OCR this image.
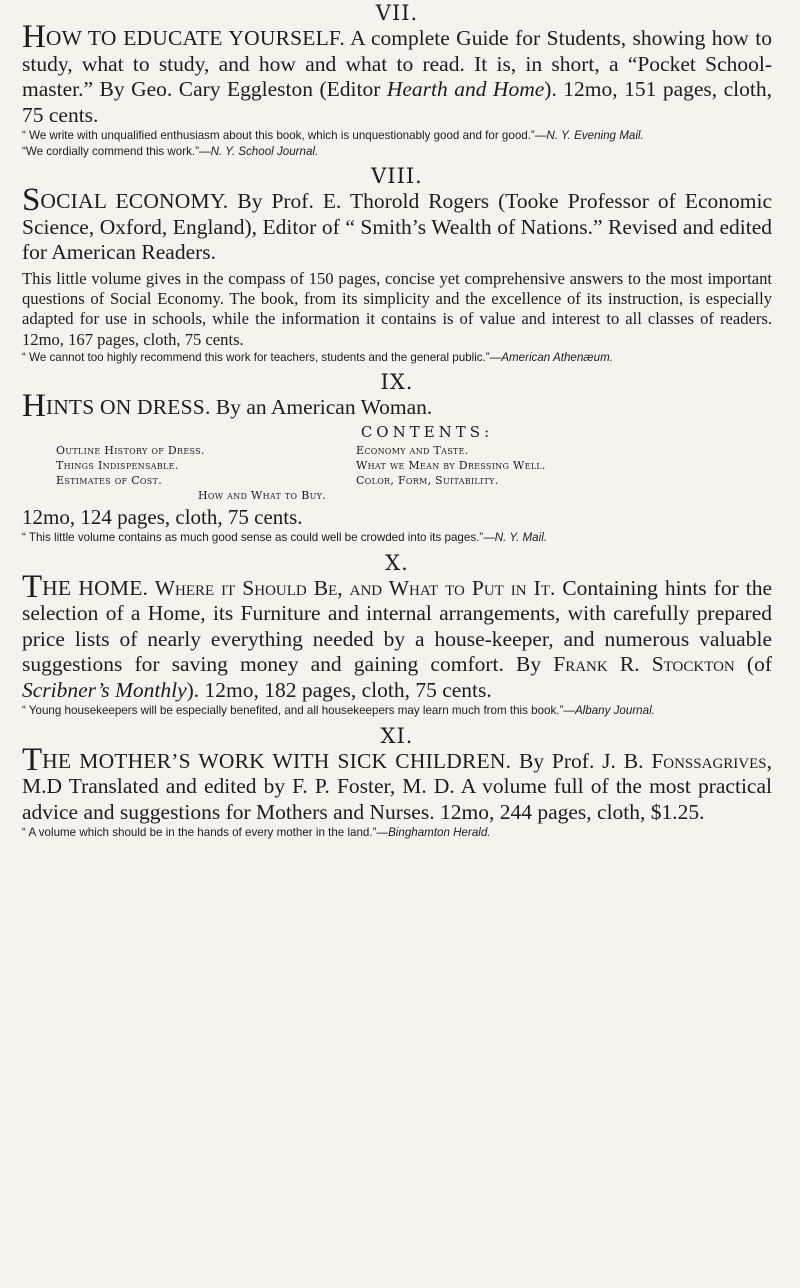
VII.

HOW TO EDUCATE YOURSELF. A complete Guide for Students, showing how to study, what to study, and how and what to read. It is, in short, a “Pocket School-master.” By Geo. Cary Eggleston (Editor Hearth and Home). 12mo, 151 pages, cloth, 75 cents.

“ We write with unqualified enthusiasm about this book, which is unquestionably good and for good.”—N. Y. Evening Mail.

“We cordially commend this work.”—N. Y. School Journal.

VIII.

SOCIAL ECONOMY. By Prof. E. Thorold Rogers (Tooke Professor of Economic Science, Oxford, England), Editor of “ Smith’s Wealth of Nations.” Revised and edited for American Readers.

This little volume gives in the compass of 150 pages, concise yet comprehensive answers to the most important questions of Social Economy. The book, from its simplicity and the excellence of its instruction, is especially adapted for use in schools, while the information it contains is of value and interest to all classes of readers. 12mo, 167 pages, cloth, 75 cents.

“ We cannot too highly recommend this work for teachers, students and the general public.”—American Athenæum.

IX.

HINTS ON DRESS. By an American Woman.

CONTENTS:

Outline History of Dress.	Economy and Taste.
Things Indispensable.	What we Mean by Dressing Well.
Estimates of Cost.	Color, Form, Suitability.
How and What to Buy.

12mo, 124 pages, cloth, 75 cents.

“ This little volume contains as much good sense as could well be crowded into its pages.”—N. Y. Mail.

X.

THE HOME. Where it Should Be, and What to Put in It. Containing hints for the selection of a Home, its Furniture and internal arrangements, with carefully prepared price lists of nearly everything needed by a house-keeper, and numerous valuable suggestions for saving money and gaining comfort. By Frank R. Stockton (of Scribner’s Monthly). 12mo, 182 pages, cloth, 75 cents.

“ Young housekeepers will be especially benefited, and all housekeepers may learn much from this book.”—Albany Journal.

XI.

THE MOTHER’S WORK WITH SICK CHILDREN. By Prof. J. B. Fonssagrives, M.D Translated and edited by F. P. Foster, M. D. A volume full of the most practical advice and suggestions for Mothers and Nurses. 12mo, 244 pages, cloth, $1.25.

“ A volume which should be in the hands of every mother in the land.”—Binghamton Herald.
